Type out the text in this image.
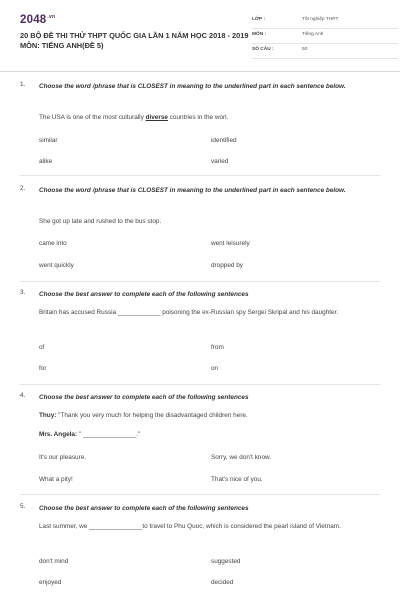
$2048^{.vn}$
20 BỘ ĐỀ THI THỬ THPT QUỐC GIA LẦN 1 NĂM HỌC 2018 - 2019 MÔN: TIẾNG ANH(ĐỀ 5)
LỚP :	Tốt nghiệp THPT
MÔN :	Tiếng Anh
SỐ CÂU :	50
1. Choose the word /phrase that is CLOSEST in meaning to the underlined part in each sentence below.
The USA is one of the most culturally diverse countries in the worl.
similar	identified
alike	varied
2. Choose the word /phrase that is CLOSEST in meaning to the underlined part in each sentence below.
She got up late and rushed to the bus stop.
came into	went leisurely
went quickly	dropped by
3. Choose the best answer to complete each of the following sentences
Britain has accused Russia ____________ poisoning the ex-Russian spy Sergei Skripal and his daughter.
of	from
for	on
4. Choose the best answer to complete each of the following sentences
Thuy: "Thank you very much for helping the disadvantaged children here.
Mrs. Angela: " _______________."
It's our pleasure.	Sorry, we don't know.
What a pity!	That's nice of you.
5. Choose the best answer to complete each of the following sentences
Last summer, we _______________to travel to Phu Quoc, which is considered the pearl island of Vietnam.
don't mind	suggested
enjoyed	decided
